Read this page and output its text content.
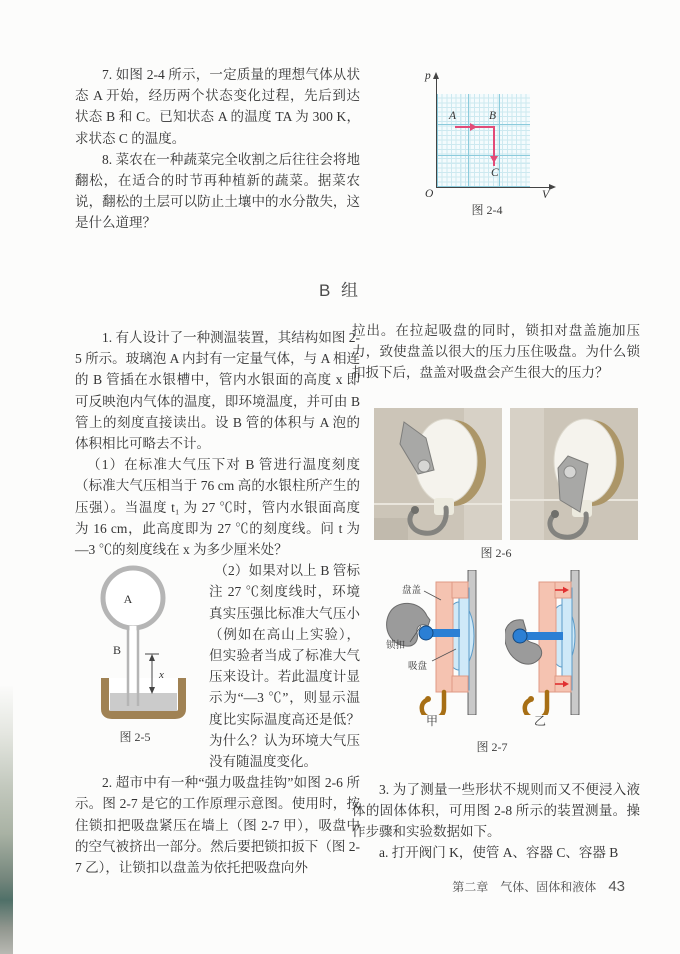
7. 如图 2-4 所示，一定质量的理想气体从状态 A 开始，经历两个状态变化过程，先后到达状态 B 和 C。已知状态 A 的温度 TA 为 300 K，求状态 C 的温度。

8. 菜农在一种蔬菜完全收割之后往往会将地翻松，在适合的时节再种植新的蔬菜。据菜农说，翻松的土层可以防止土壤中的水分散失，这是什么道理？

p
O	V
A	B
C
图 2-4
B 组

1. 有人设计了一种测温装置，其结构如图 2-5 所示。玻璃泡 A 内封有一定量气体，与 A 相连的 B 管插在水银槽中，管内水银面的高度 x 即可反映泡内气体的温度，即环境温度，并可由 B 管上的刻度直接读出。设 B 管的体积与 A 泡的体积相比可略去不计。

（1）在标准大气压下对 B 管进行温度刻度（标准大气压相当于 76 cm 高的水银柱所产生的压强）。当温度 t₁ 为 27 ℃时，管内水银面高度为 16 cm，此高度即为 27 ℃的刻度线。问 t 为 —3 ℃的刻度线在 x 为多少厘米处？

A
B
x
图 2-5

（2）如果对以上 B 管标注 27 ℃刻度线时，环境真实压强比标准大气压小（例如在高山上实验），但实验者当成了标准大气压来设计。若此温度计显示为“—3 ℃”，则显示温度比实际温度高还是低？为什么？认为环境大气压没有随温度变化。

2. 超市中有一种“强力吸盘挂钩”如图 2-6 所示。图 2-7 是它的工作原理示意图。使用时，按住锁扣把吸盘紧压在墙上（图 2-7 甲），吸盘中的空气被挤出一部分。然后要把锁扣扳下（图 2-7 乙），让锁扣以盘盖为依托把吸盘向外

拉出。在拉起吸盘的同时，锁扣对盘盖施加压力，致使盘盖以很大的压力压住吸盘。为什么锁扣扳下后，盘盖对吸盘会产生很大的压力？

图 2-6
盘盖
锁扣
吸盘
甲	乙
图 2-7

3. 为了测量一些形状不规则而又不便浸入液体的固体体积，可用图 2-8 所示的装置测量。操作步骤和实验数据如下。

a. 打开阀门 K，使管 A、容器 C、容器 B

第二章　气体、固体和液体 43
